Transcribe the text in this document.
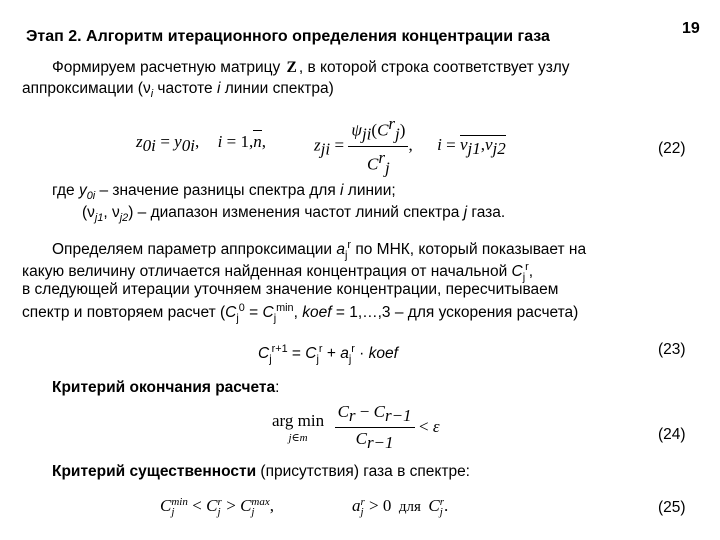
Этап 2. Алгоритм итерационного определения концентрации газа	19
Формируем расчетную матрицу Z , в которой строка соответствует узлу
аппроксимации ($\nu_i$ частоте i линии спектра)
$z_{0i} = y_{0i}$, i = 1,n,	$z_{ji} = \frac{\psi_{ji}(C^r_j)}{C^r_j}$ , $i = \nu_{j1},\nu_{j2}$	(22)
где $y_{0i}$ – значение разницы спектра для i линии;
($\nu_{j1}$, $\nu_{j2}$) – диапазон изменения частот линий спектра j газа.
Определяем параметр аппроксимации $a_j^r$ по МНК, который показывает на
какую величину отличается найденная концентрация от начальной $C_j^r$,
в следующей итерации уточняем значение концентрации, пересчитываем
спектр и повторяем расчет ($C_j^0 = C_j^{min}$, koef = 1,…,3 – для ускорения расчета)
$C_j^{r+1} = C_j^r + a_j^r$ · koef	(23)
Критерий окончания расчета:
arg min
j∈m
	$\frac{C_r - C_{r-1}}{C_{r-1}} < \varepsilon$	(24)
Критерий существенности (присутствия) газа в спектре:
C min
j	< C r
j > C max
j ,	a r
j > 0  для  C r
j .	(25)
